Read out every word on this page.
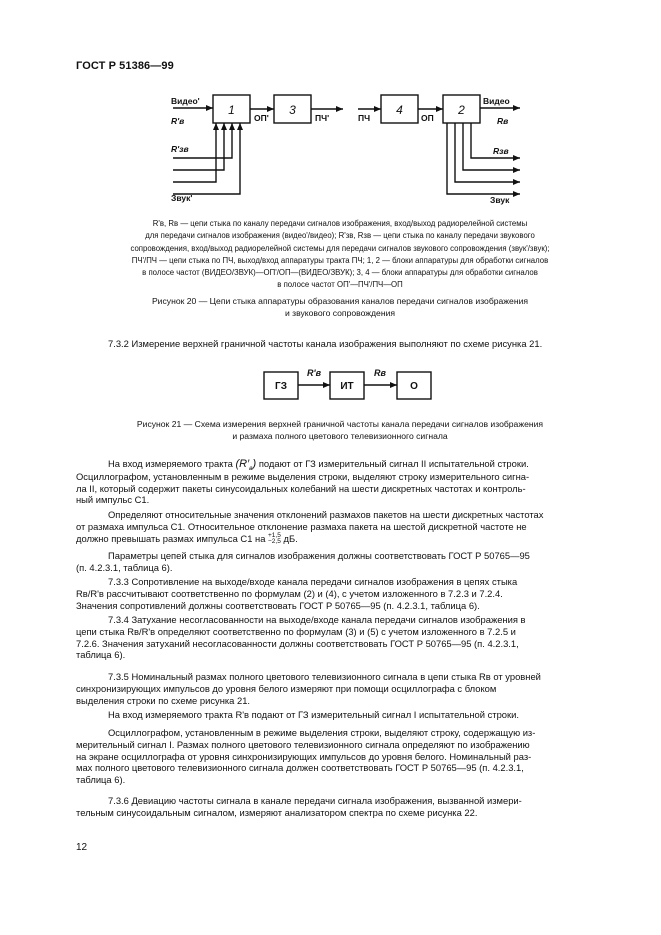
ГОСТ Р 51386—99
1	3	4	2
Видео'
R'в
R'зв
Звук'
ОП'	ПЧ'	ПЧ	ОП
Видео
Rв
Rзв
Звук
R'в, Rв — цепи стыка по каналу передачи сигналов изображения, вход/выход радиорелейной системы
для передачи сигналов изображения (видео'/видео); R'зв, Rзв — цепи стыка по каналу передачи звукового
сопровождения, вход/выход радиорелейной системы для передачи сигналов звукового сопровождения (звук'/звук);
ПЧ'/ПЧ — цепи стыка по ПЧ, выход/вход аппаратуры тракта ПЧ; 1, 2 — блоки аппаратуры для обработки сигналов
в полосе частот (ВИДЕО/ЗВУК)—ОП'/ОП—(ВИДЕО/ЗВУК); 3, 4 — блоки аппаратуры для обработки сигналов
в полосе частот ОП'—ПЧ'/ПЧ—ОП
Рисунок 20 — Цепи стыка аппаратуры образования каналов передачи сигналов изображения
и звукового сопровождения
7.3.2 Измерение верхней граничной частоты канала изображения выполняют по схеме рисунка 21.
ГЗ	ИТ	О
R'в	Rв
Рисунок 21 — Схема измерения верхней граничной частоты канала передачи сигналов изображения
и размаха полного цветового телевизионного сигнала
На вход измеряемого тракта $(R'_в)$ подают от ГЗ измерительный сигнал II испытательной строки.
Осциллографом, установленным в режиме выделения строки, выделяют строку измерительного сигна-
ла II, который содержит пакеты синусоидальных колебаний на шести дискретных частотах и контроль-
ный импульс C1.
Определяют относительные значения отклонений размахов пакетов на шести дискретных частотах
от размаха импульса C1. Относительное отклонение размаха пакета на шестой дискретной частоте не
должно превышать размах импульса C1 на +1,5
−2,5 дБ.
Параметры цепей стыка для сигналов изображения должны соответствовать ГОСТ Р 50765—95
(п. 4.2.3.1, таблица 6).
7.3.3 Сопротивление на выходе/входе канала передачи сигналов изображения в цепях стыка
Rв/R'в рассчитывают соответственно по формулам (2) и (4), с учетом изложенного в 7.2.3 и 7.2.4.
Значения сопротивлений должны соответствовать ГОСТ Р 50765—95 (п. 4.2.3.1, таблица 6).
7.3.4 Затухание несогласованности на выходе/входе канала передачи сигналов изображения в
цепи стыка Rв/R'в определяют соответственно по формулам (3) и (5) с учетом изложенного в 7.2.5 и
7.2.6. Значения затуханий несогласованности должны соответствовать ГОСТ Р 50765—95 (п. 4.2.3.1,
таблица 6).
7.3.5 Номинальный размах полного цветового телевизионного сигнала в цепи стыка Rв от уровней
синхронизирующих импульсов до уровня белого измеряют при помощи осциллографа с блоком
выделения строки по схеме рисунка 21.
На вход измеряемого тракта R'в подают от ГЗ измерительный сигнал I испытательной строки.
Осциллографом, установленным в режиме выделения строки, выделяют строку, содержащую из-
мерительный сигнал I. Размах полного цветового телевизионного сигнала определяют по изображению
на экране осциллографа от уровня синхронизирующих импульсов до уровня белого. Номинальный раз-
мах полного цветового телевизионного сигнала должен соответствовать ГОСТ Р 50765—95 (п. 4.2.3.1,
таблица 6).
7.3.6 Девиацию частоты сигнала в канале передачи сигнала изображения, вызванной измери-
тельным синусоидальным сигналом, измеряют анализатором спектра по схеме рисунка 22.
12
